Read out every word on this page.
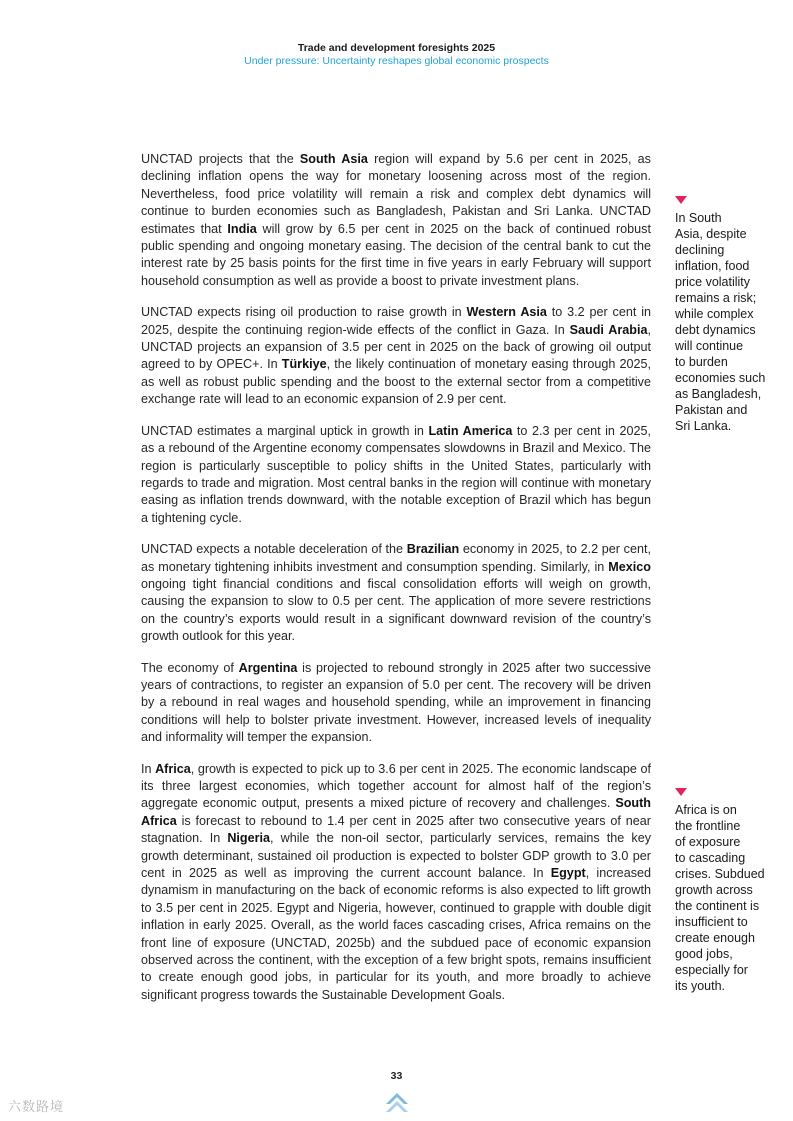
Trade and development foresights 2025
Under pressure: Uncertainty reshapes global economic prospects

UNCTAD projects that the South Asia region will expand by 5.6 per cent in 2025, as declining inflation opens the way for monetary loosening across most of the region. Nevertheless, food price volatility will remain a risk and complex debt dynamics will continue to burden economies such as Bangladesh, Pakistan and Sri Lanka. UNCTAD estimates that India will grow by 6.5 per cent in 2025 on the back of continued robust public spending and ongoing monetary easing. The decision of the central bank to cut the interest rate by 25 basis points for the first time in five years in early February will support household consumption as well as provide a boost to private investment plans.

UNCTAD expects rising oil production to raise growth in Western Asia to 3.2 per cent in 2025, despite the continuing region-wide effects of the conflict in Gaza. In Saudi Arabia, UNCTAD projects an expansion of 3.5 per cent in 2025 on the back of growing oil output agreed to by OPEC+. In Türkiye, the likely continuation of monetary easing through 2025, as well as robust public spending and the boost to the external sector from a competitive exchange rate will lead to an economic expansion of 2.9 per cent.

UNCTAD estimates a marginal uptick in growth in Latin America to 2.3 per cent in 2025, as a rebound of the Argentine economy compensates slowdowns in Brazil and Mexico. The region is particularly susceptible to policy shifts in the United States, particularly with regards to trade and migration. Most central banks in the region will continue with monetary easing as inflation trends downward, with the notable exception of Brazil which has begun a tightening cycle.

UNCTAD expects a notable deceleration of the Brazilian economy in 2025, to 2.2 per cent, as monetary tightening inhibits investment and consumption spending. Similarly, in Mexico ongoing tight financial conditions and fiscal consolidation efforts will weigh on growth, causing the expansion to slow to 0.5 per cent. The application of more severe restrictions on the country’s exports would result in a significant downward revision of the country’s growth outlook for this year.

The economy of Argentina is projected to rebound strongly in 2025 after two successive years of contractions, to register an expansion of 5.0 per cent. The recovery will be driven by a rebound in real wages and household spending, while an improvement in financing conditions will help to bolster private investment. However, increased levels of inequality and informality will temper the expansion.

In Africa, growth is expected to pick up to 3.6 per cent in 2025. The economic landscape of its three largest economies, which together account for almost half of the region’s aggregate economic output, presents a mixed picture of recovery and challenges. South Africa is forecast to rebound to 1.4 per cent in 2025 after two consecutive years of near stagnation. In Nigeria, while the non-oil sector, particularly services, remains the key growth determinant, sustained oil production is expected to bolster GDP growth to 3.0 per cent in 2025 as well as improving the current account balance. In Egypt, increased dynamism in manufacturing on the back of economic reforms is also expected to lift growth to 3.5 per cent in 2025. Egypt and Nigeria, however, continued to grapple with double digit inflation in early 2025. Overall, as the world faces cascading crises, Africa remains on the front line of exposure (UNCTAD, 2025b) and the subdued pace of economic expansion observed across the continent, with the exception of a few bright spots, remains insufficient to create enough good jobs, in particular for its youth, and more broadly to achieve significant progress towards the Sustainable Development Goals.

In South
Asia, despite
declining
inflation, food
price volatility
remains a risk;
while complex
debt dynamics
will continue
to burden
economies such
as Bangladesh,
Pakistan and
Sri Lanka.
Africa is on
the frontline
of exposure
to cascading
crises. Subdued
growth across
the continent is
insufficient to
create enough
good jobs,
especially for
its youth.
33
六数路境
